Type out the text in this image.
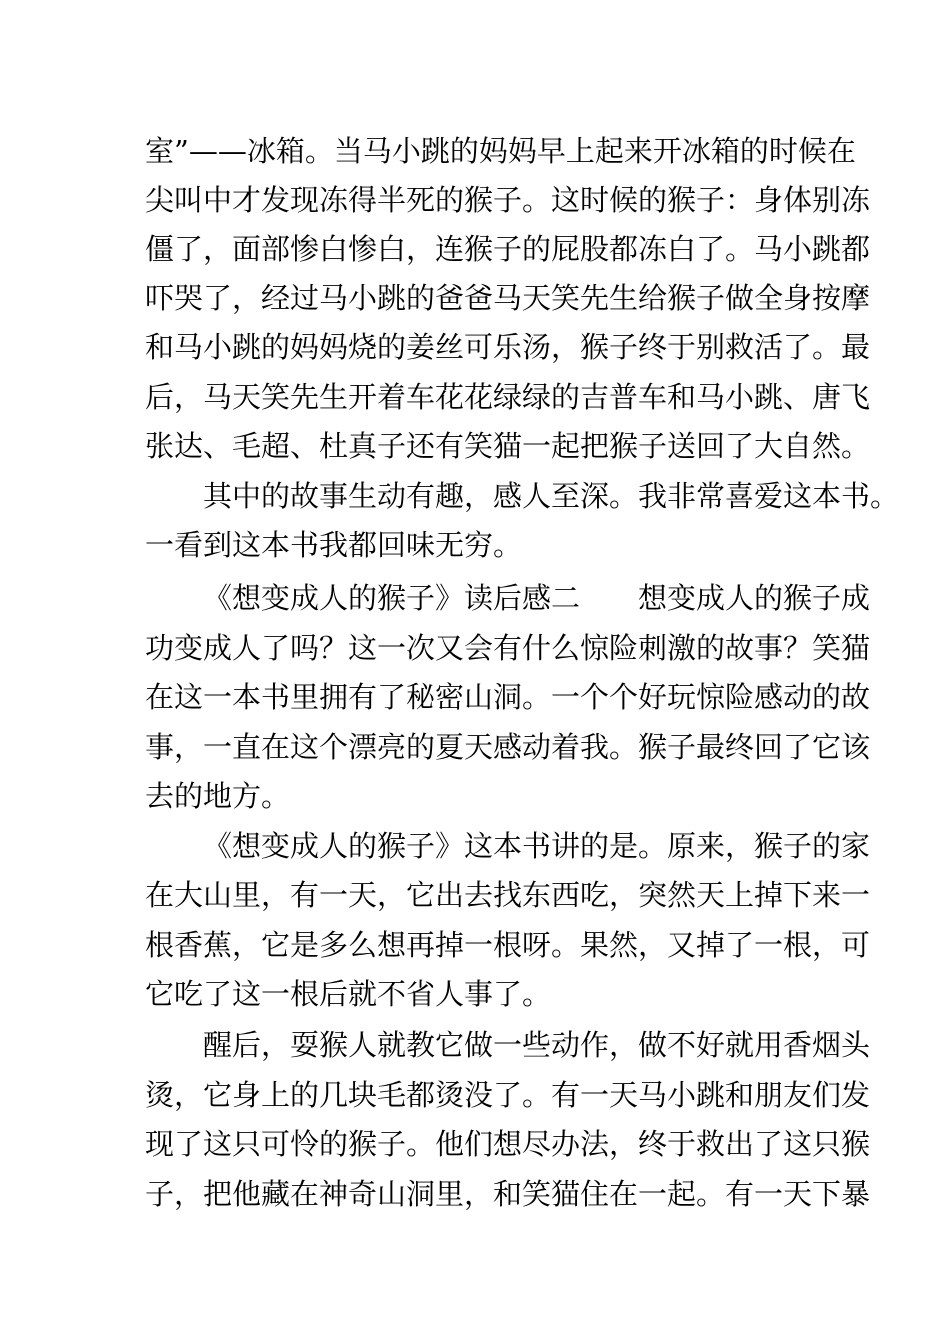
室”——冰箱。当马小跳的妈妈早上起来开冰箱的时候在
尖叫中才发现冻得半死的猴子。这时候的猴子：身体别冻
僵了，面部惨白惨白，连猴子的屁股都冻白了。马小跳都
吓哭了，经过马小跳的爸爸马天笑先生给猴子做全身按摩
和马小跳的妈妈烧的姜丝可乐汤，猴子终于别救活了。最
后，马天笑先生开着车花花绿绿的吉普车和马小跳、唐飞
张达、毛超、杜真子还有笑猫一起把猴子送回了大自然。
其中的故事生动有趣，感人至深。我非常喜爱这本书。
一看到这本书我都回味无穷。
《想变成人的猴子》读后感二　　想变成人的猴子成
功变成人了吗？这一次又会有什么惊险刺激的故事？笑猫
在这一本书里拥有了秘密山洞。一个个好玩惊险感动的故
事，一直在这个漂亮的夏天感动着我。猴子最终回了它该
去的地方。
《想变成人的猴子》这本书讲的是。原来，猴子的家
在大山里，有一天，它出去找东西吃，突然天上掉下来一
根香蕉，它是多么想再掉一根呀。果然，又掉了一根，可
它吃了这一根后就不省人事了。
醒后，耍猴人就教它做一些动作，做不好就用香烟头
烫，它身上的几块毛都烫没了。有一天马小跳和朋友们发
现了这只可怜的猴子。他们想尽办法，终于救出了这只猴
子，把他藏在神奇山洞里，和笑猫住在一起。有一天下暴
